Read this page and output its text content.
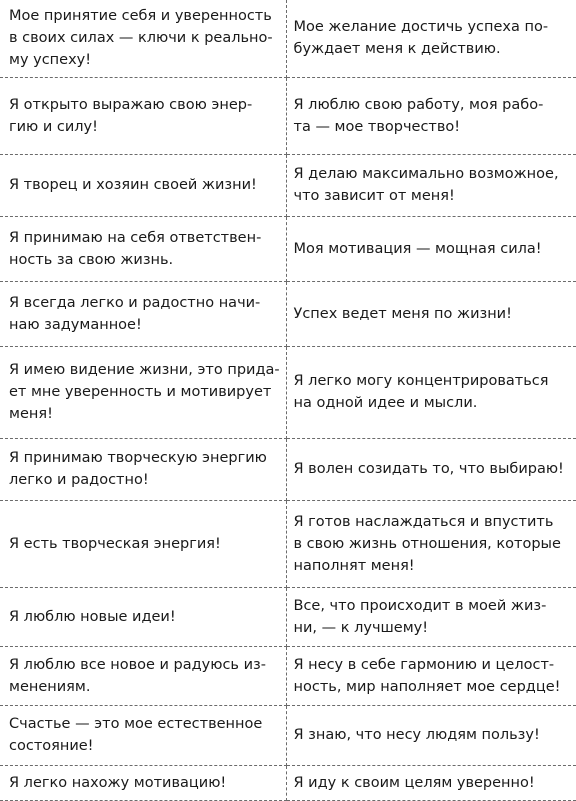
Мое принятие себя и уверенность
в своих силах — ключи к реально-
му успеху!	Мое желание достичь успеха по-
буждает меня к действию.
Я открыто выражаю свою энер-
гию и силу!	Я люблю свою работу, моя рабо-
та — мое творчество!
Я творец и хозяин своей жизни!	Я делаю максимально возможное,
что зависит от меня!
Я принимаю на себя ответствен-
ность за свою жизнь.	Моя мотивация — мощная сила!
Я всегда легко и радостно начи-
наю задуманное!	Успех ведет меня по жизни!
Я имею видение жизни, это прида-
ет мне уверенность и мотивирует
меня!	Я легко могу концентрироваться
на одной идее и мысли.
Я принимаю творческую энергию
легко и радостно!	Я волен созидать то, что выбираю!
Я есть творческая энергия!	Я готов наслаждаться и впустить
в свою жизнь отношения, которые
наполнят меня!
Я люблю новые идеи!	Все, что происходит в моей жиз-
ни, — к лучшему!
Я люблю все новое и радуюсь из-
менениям.	Я несу в себе гармонию и целост-
ность, мир наполняет мое сердце!
Счастье — это мое естественное
состояние!	Я знаю, что несу людям пользу!
Я легко нахожу мотивацию!	Я иду к своим целям уверенно!
